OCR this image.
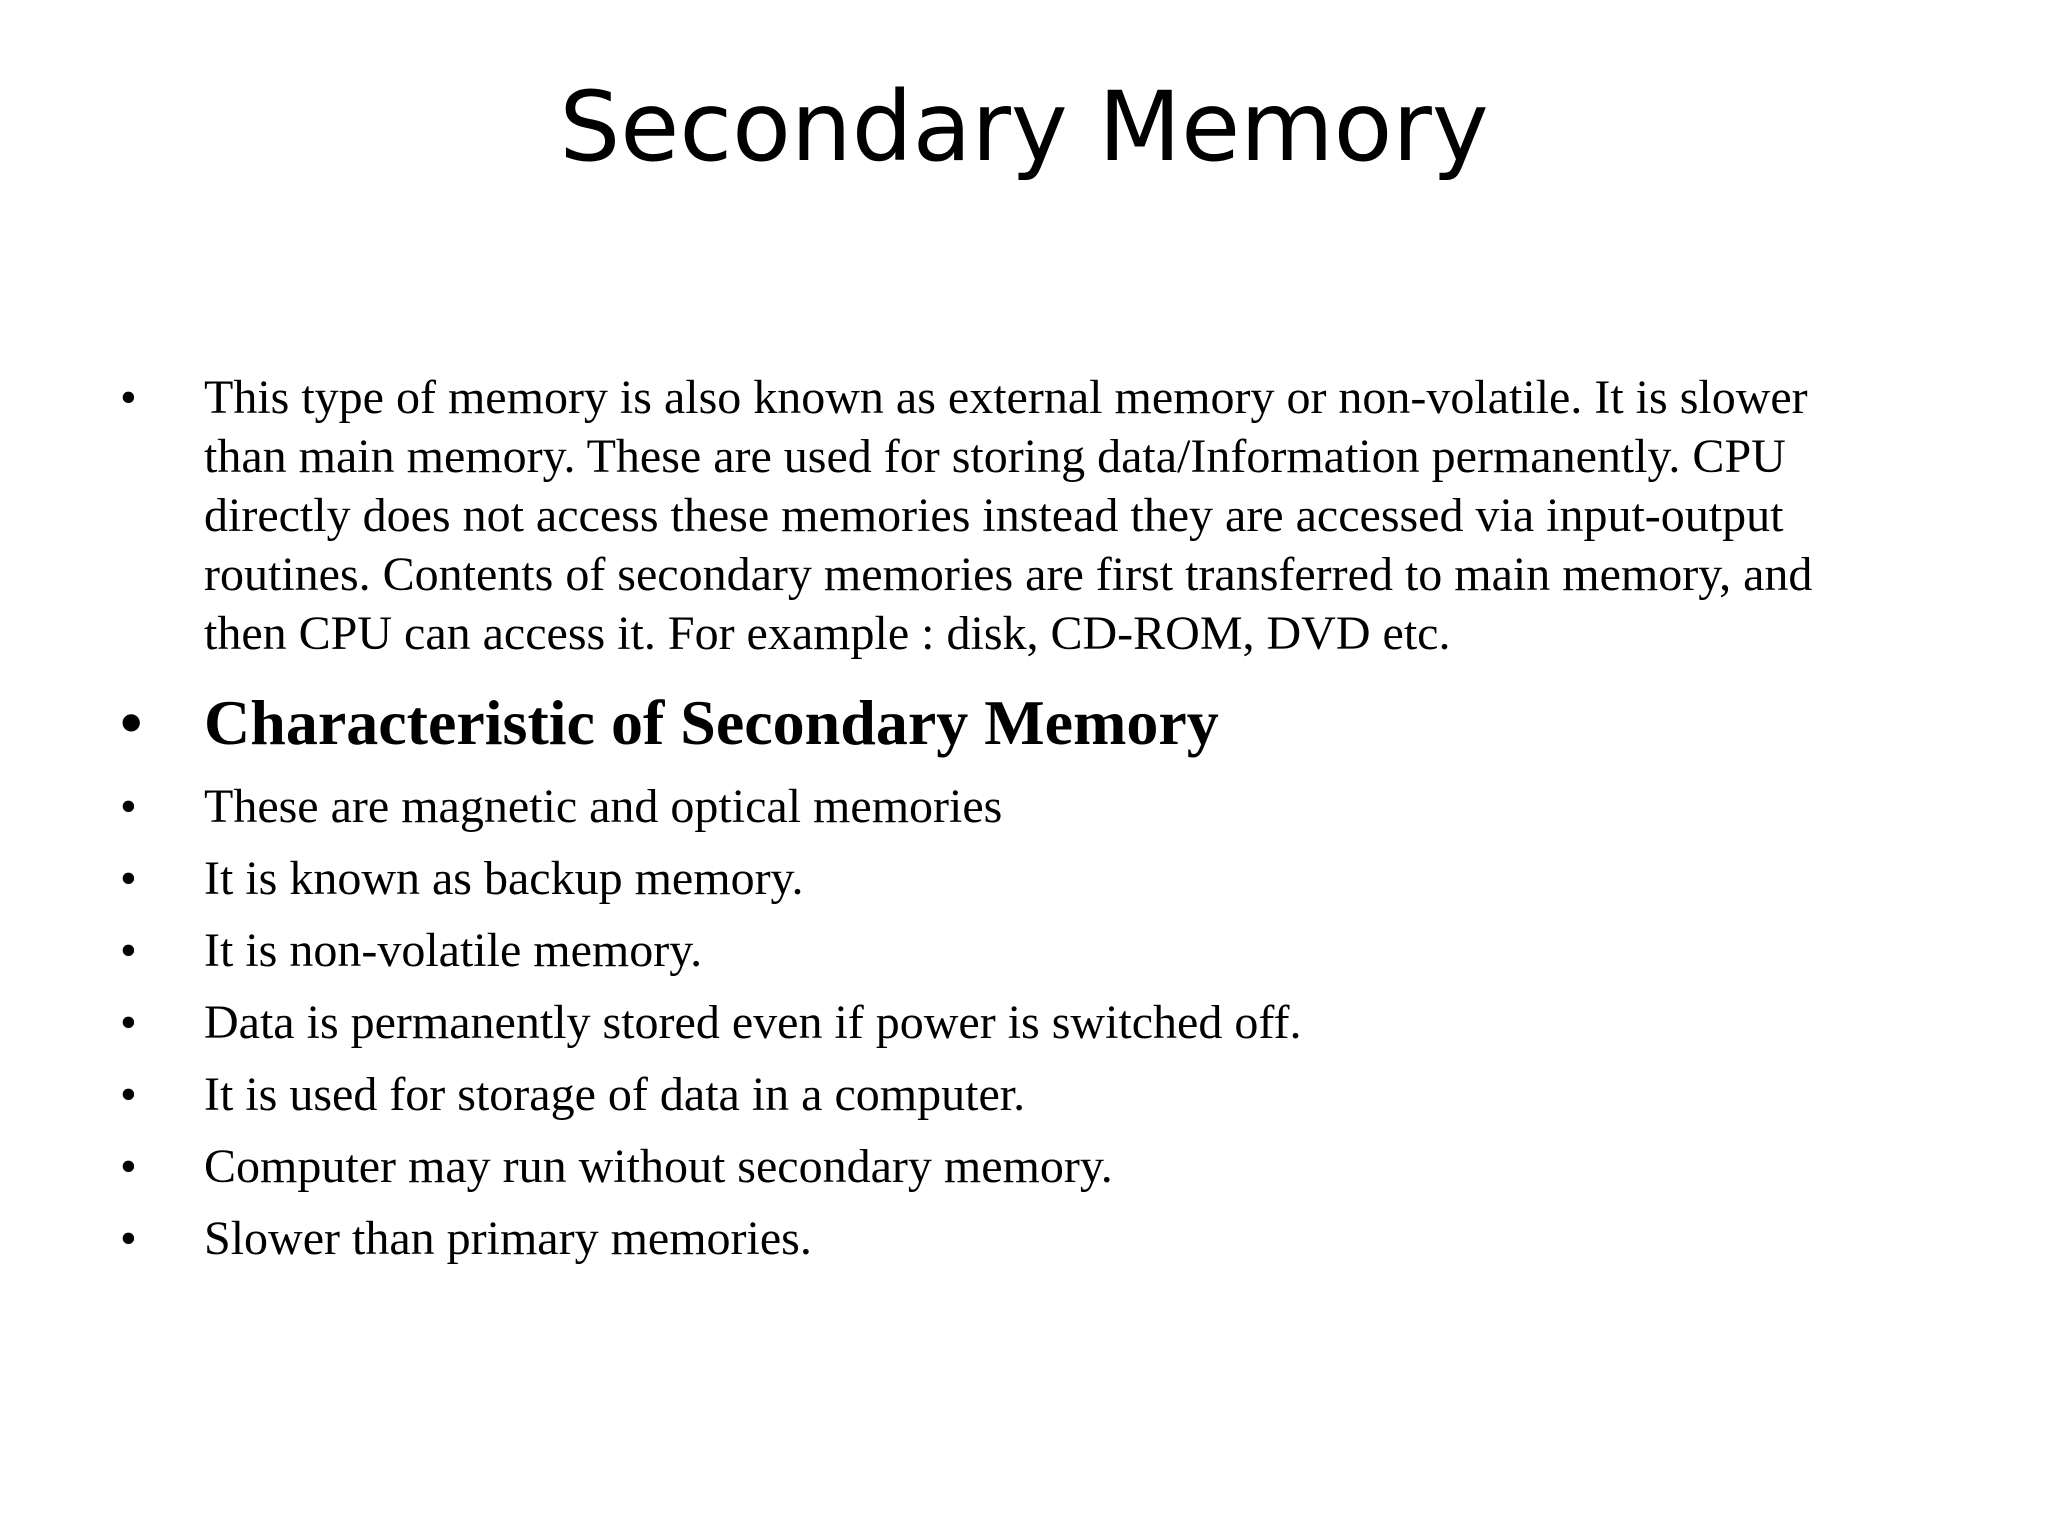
Secondary Memory
• This type of memory is also known as external memory or non-volatile. It is slower than main memory. These are used for storing data/Information permanently. CPU directly does not access these memories instead they are accessed via input-output routines. Contents of secondary memories are first transferred to main memory, and then CPU can access it. For example : disk, CD-ROM, DVD etc.
• Characteristic of Secondary Memory
• These are magnetic and optical memories
• It is known as backup memory.
• It is non-volatile memory.
• Data is permanently stored even if power is switched off.
• It is used for storage of data in a computer.
• Computer may run without secondary memory.
• Slower than primary memories.
